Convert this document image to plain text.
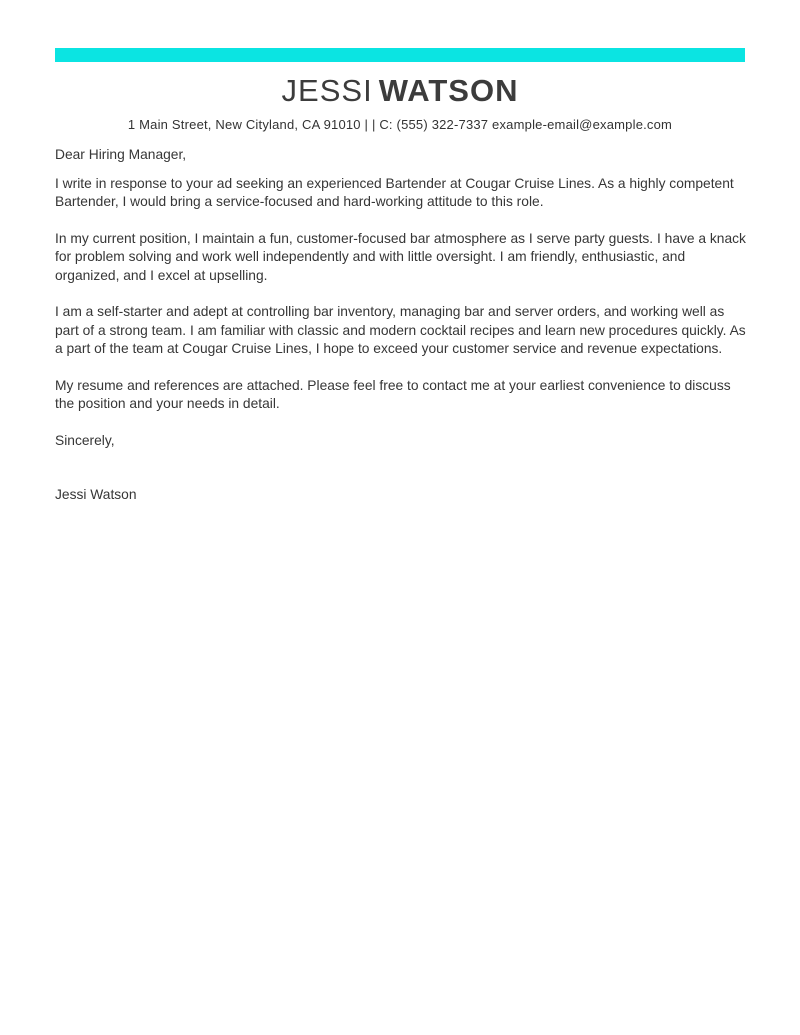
JESSI WATSON
1 Main Street, New Cityland, CA 91010 | | C: (555) 322-7337 example-email@example.com

Dear Hiring Manager,

I write in response to your ad seeking an experienced Bartender at Cougar Cruise Lines. As a highly competent Bartender, I would bring a service-focused and hard-working attitude to this role.

In my current position, I maintain a fun, customer-focused bar atmosphere as I serve party guests. I have a knack for problem solving and work well independently and with little oversight. I am friendly, enthusiastic, and organized, and I excel at upselling.

I am a self-starter and adept at controlling bar inventory, managing bar and server orders, and working well as part of a strong team. I am familiar with classic and modern cocktail recipes and learn new procedures quickly. As a part of the team at Cougar Cruise Lines, I hope to exceed your customer service and revenue expectations.

My resume and references are attached. Please feel free to contact me at your earliest convenience to discuss the position and your needs in detail.

Sincerely,

Jessi Watson
